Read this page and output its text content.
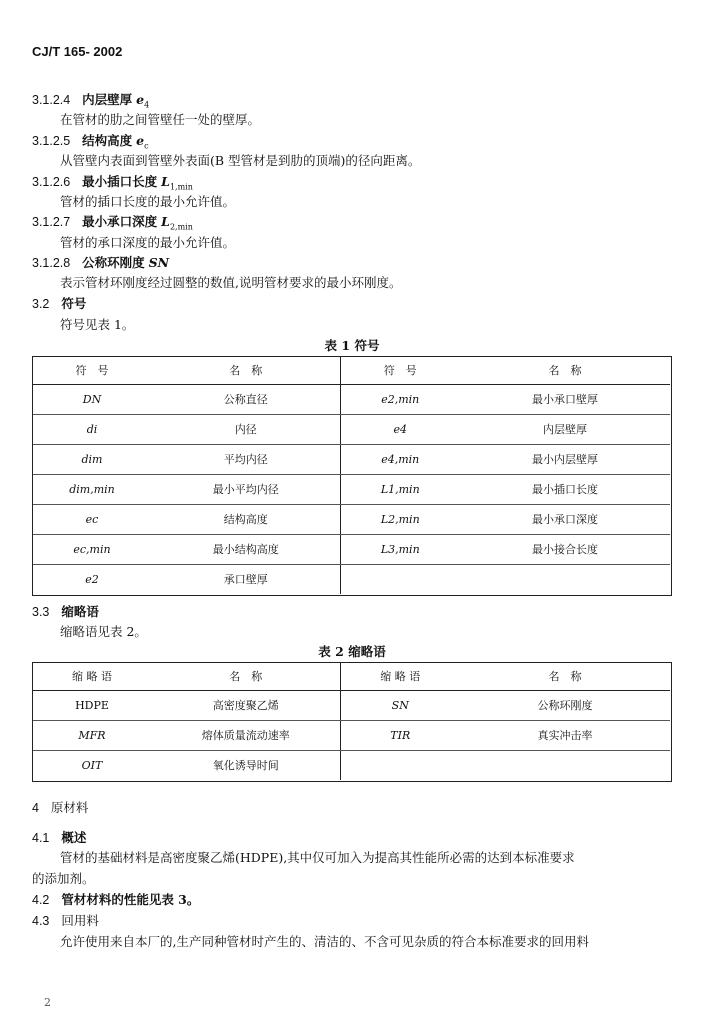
CJ/T 165- 2002
3.1.2.4 内层壁厚 $e_4$
在管材的肋之间管壁任一处的壁厚。
3.1.2.5 结构高度 $e_c$
从管壁内表面到管壁外表面(B 型管材是到肋的顶端)的径向距离。
3.1.2.6 最小插口长度 $L_{1,min}$
管材的插口长度的最小允许值。
3.1.2.7 最小承口深度 $L_{2,min}$
管材的承口深度的最小允许值。
3.1.2.8 公称环刚度 SN
表示管材环刚度经过圆整的数值,说明管材要求的最小环刚度。
3.2 符号
符号见表 1。
表 1 符号
符　号	名　称	符　号	名　称
DN	公称直径	e2,min	最小承口壁厚
di	内径	e4	内层壁厚
dim	平均内径	e4,min	最小内层壁厚
dim,min	最小平均内径	L1,min	最小插口长度
ec	结构高度	L2,min	最小承口深度
ec,min	最小结构高度	L3,min	最小接合长度
e2	承口壁厚		
3.3 缩略语
缩略语见表 2。
表 2 缩略语
缩 略 语	名　称	缩 略 语	名　称
HDPE	高密度聚乙烯	SN	公称环刚度
MFR	熔体质量流动速率	TIR	真实冲击率
OIT	氧化诱导时间		
4 原材料
4.1 概述
管材的基础材料是高密度聚乙烯(HDPE),其中仅可加入为提高其性能所必需的达到本标准要求
的添加剂。
4.2 管材材料的性能见表 3。
4.3 回用料
允许使用来自本厂的,生产同种管材时产生的、清洁的、不含可见杂质的符合本标准要求的回用料
2
